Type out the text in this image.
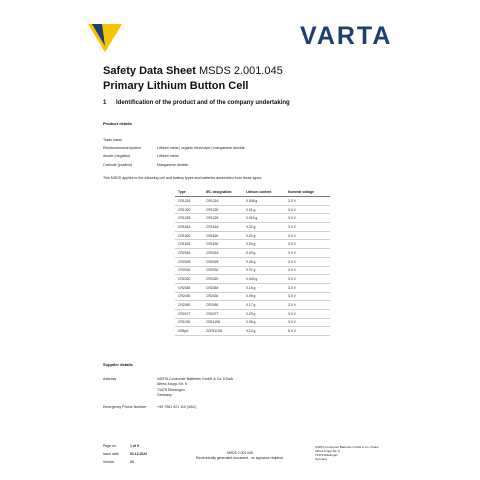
VARTA
Safety Data Sheet MSDS 2.001.045
Primary Lithium Button Cell
1 Identification of the product and of the company undertaking
Product details
Trade name
Electrochemical system	Lithium metal | organic electrolyte | manganese dioxide
Anode (negative)	Lithium metal
Cathode (positive)	Manganese dioxide
This MSDS applies to the following cell and battery types and batteries assembled from these types.
Type	IEC designation	Lithium content	Nominal voltage
CR1216	CR1216	0.008 g	3.0 V
CR1220	CR1220	0.01 g	3.0 V
CR1225	CR1225	0.015 g	3.0 V
CR1616	CR1616	0.02 g	3.0 V
CR1620	CR1620	0.02 g	3.0 V
CR1632	CR1632	0.04 g	3.0 V
CR2016	CR2016	0.03 g	3.0 V
CR2025	CR2025	0.05 g	3.0 V
CR2032	CR2032	0.07 g	3.0 V
CR2320	CR2320	0.043 g	3.0 V
CR2354	CR2354	0.15 g	3.0 V
CR2430	CR2430	0.09 g	3.0 V
CR2450	CR2450	0.17 g	3.0 V
CR2477	CR2477	0.29 g	3.0 V
CR1/3N	CR11108	0.06 g	3.0 V
V28pxl	2CR11108	0.12 g	6.0 V
Supplier details
Address	VARTA Consumer Batteries GmbH & Co. KGaA
Alfred-Krupp-Str. 9
73479 Ellwangen
Germany
Emergency Phone Number	+49 7961 921 110 (VAC)
Page no.	1 of 9
Issue date	02.12.2022
Version	23
MSDS 2.001.045
Electronically generated document - no signature required.
VARTA Consumer Batteries GmbH & Co. KGaA
Alfred-Krupp-Str. 9
73479 Ellwangen
Germany
